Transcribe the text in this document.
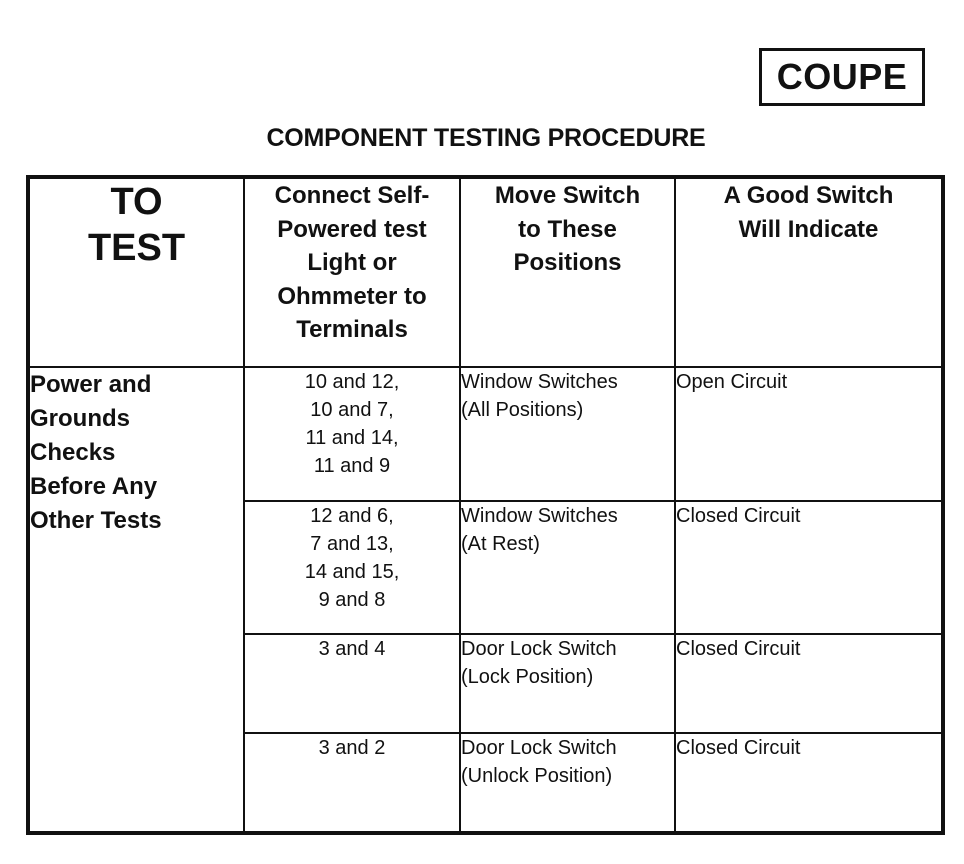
COUPE
COMPONENT TESTING PROCEDURE
TO
TEST	Connect Self-
Powered test
Light or
Ohmmeter to
Terminals	Move Switch
to These
Positions	A Good Switch
Will Indicate

Power and
Grounds
Checks
Before Any
Other Tests	10 and 12,
10 and 7,
11 and 14,
11 and 9	Window Switches
(All Positions)	Open Circuit

	12 and 6,
7 and 13,
14 and 15,
9 and 8	Window Switches
(At Rest)	Closed Circuit

	3 and 4	Door Lock Switch
(Lock Position)	Closed Circuit

	3 and 2	Door Lock Switch
(Unlock Position)	Closed Circuit
